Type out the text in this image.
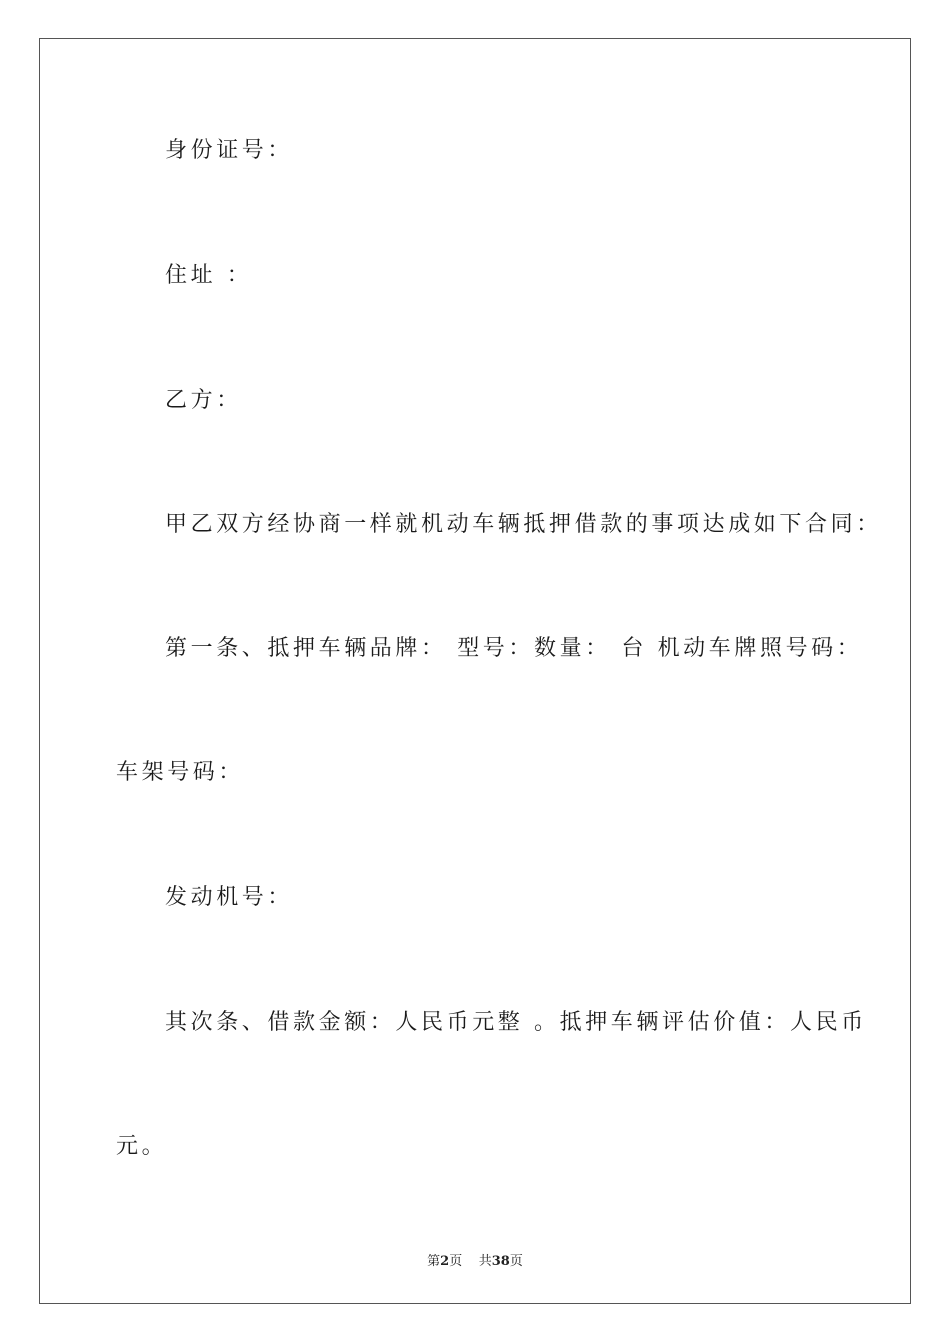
身份证号：
住址 ：
乙方：
甲乙双方经协商一样就机动车辆抵押借款的事项达成如下合同：
第一条、抵押车辆品牌： 型号：数量： 台 机动车牌照号码：
车架号码：
发动机号：
其次条、借款金额：人民币元整 。抵押车辆评估价值：人民币
元。
第2页 共38页
